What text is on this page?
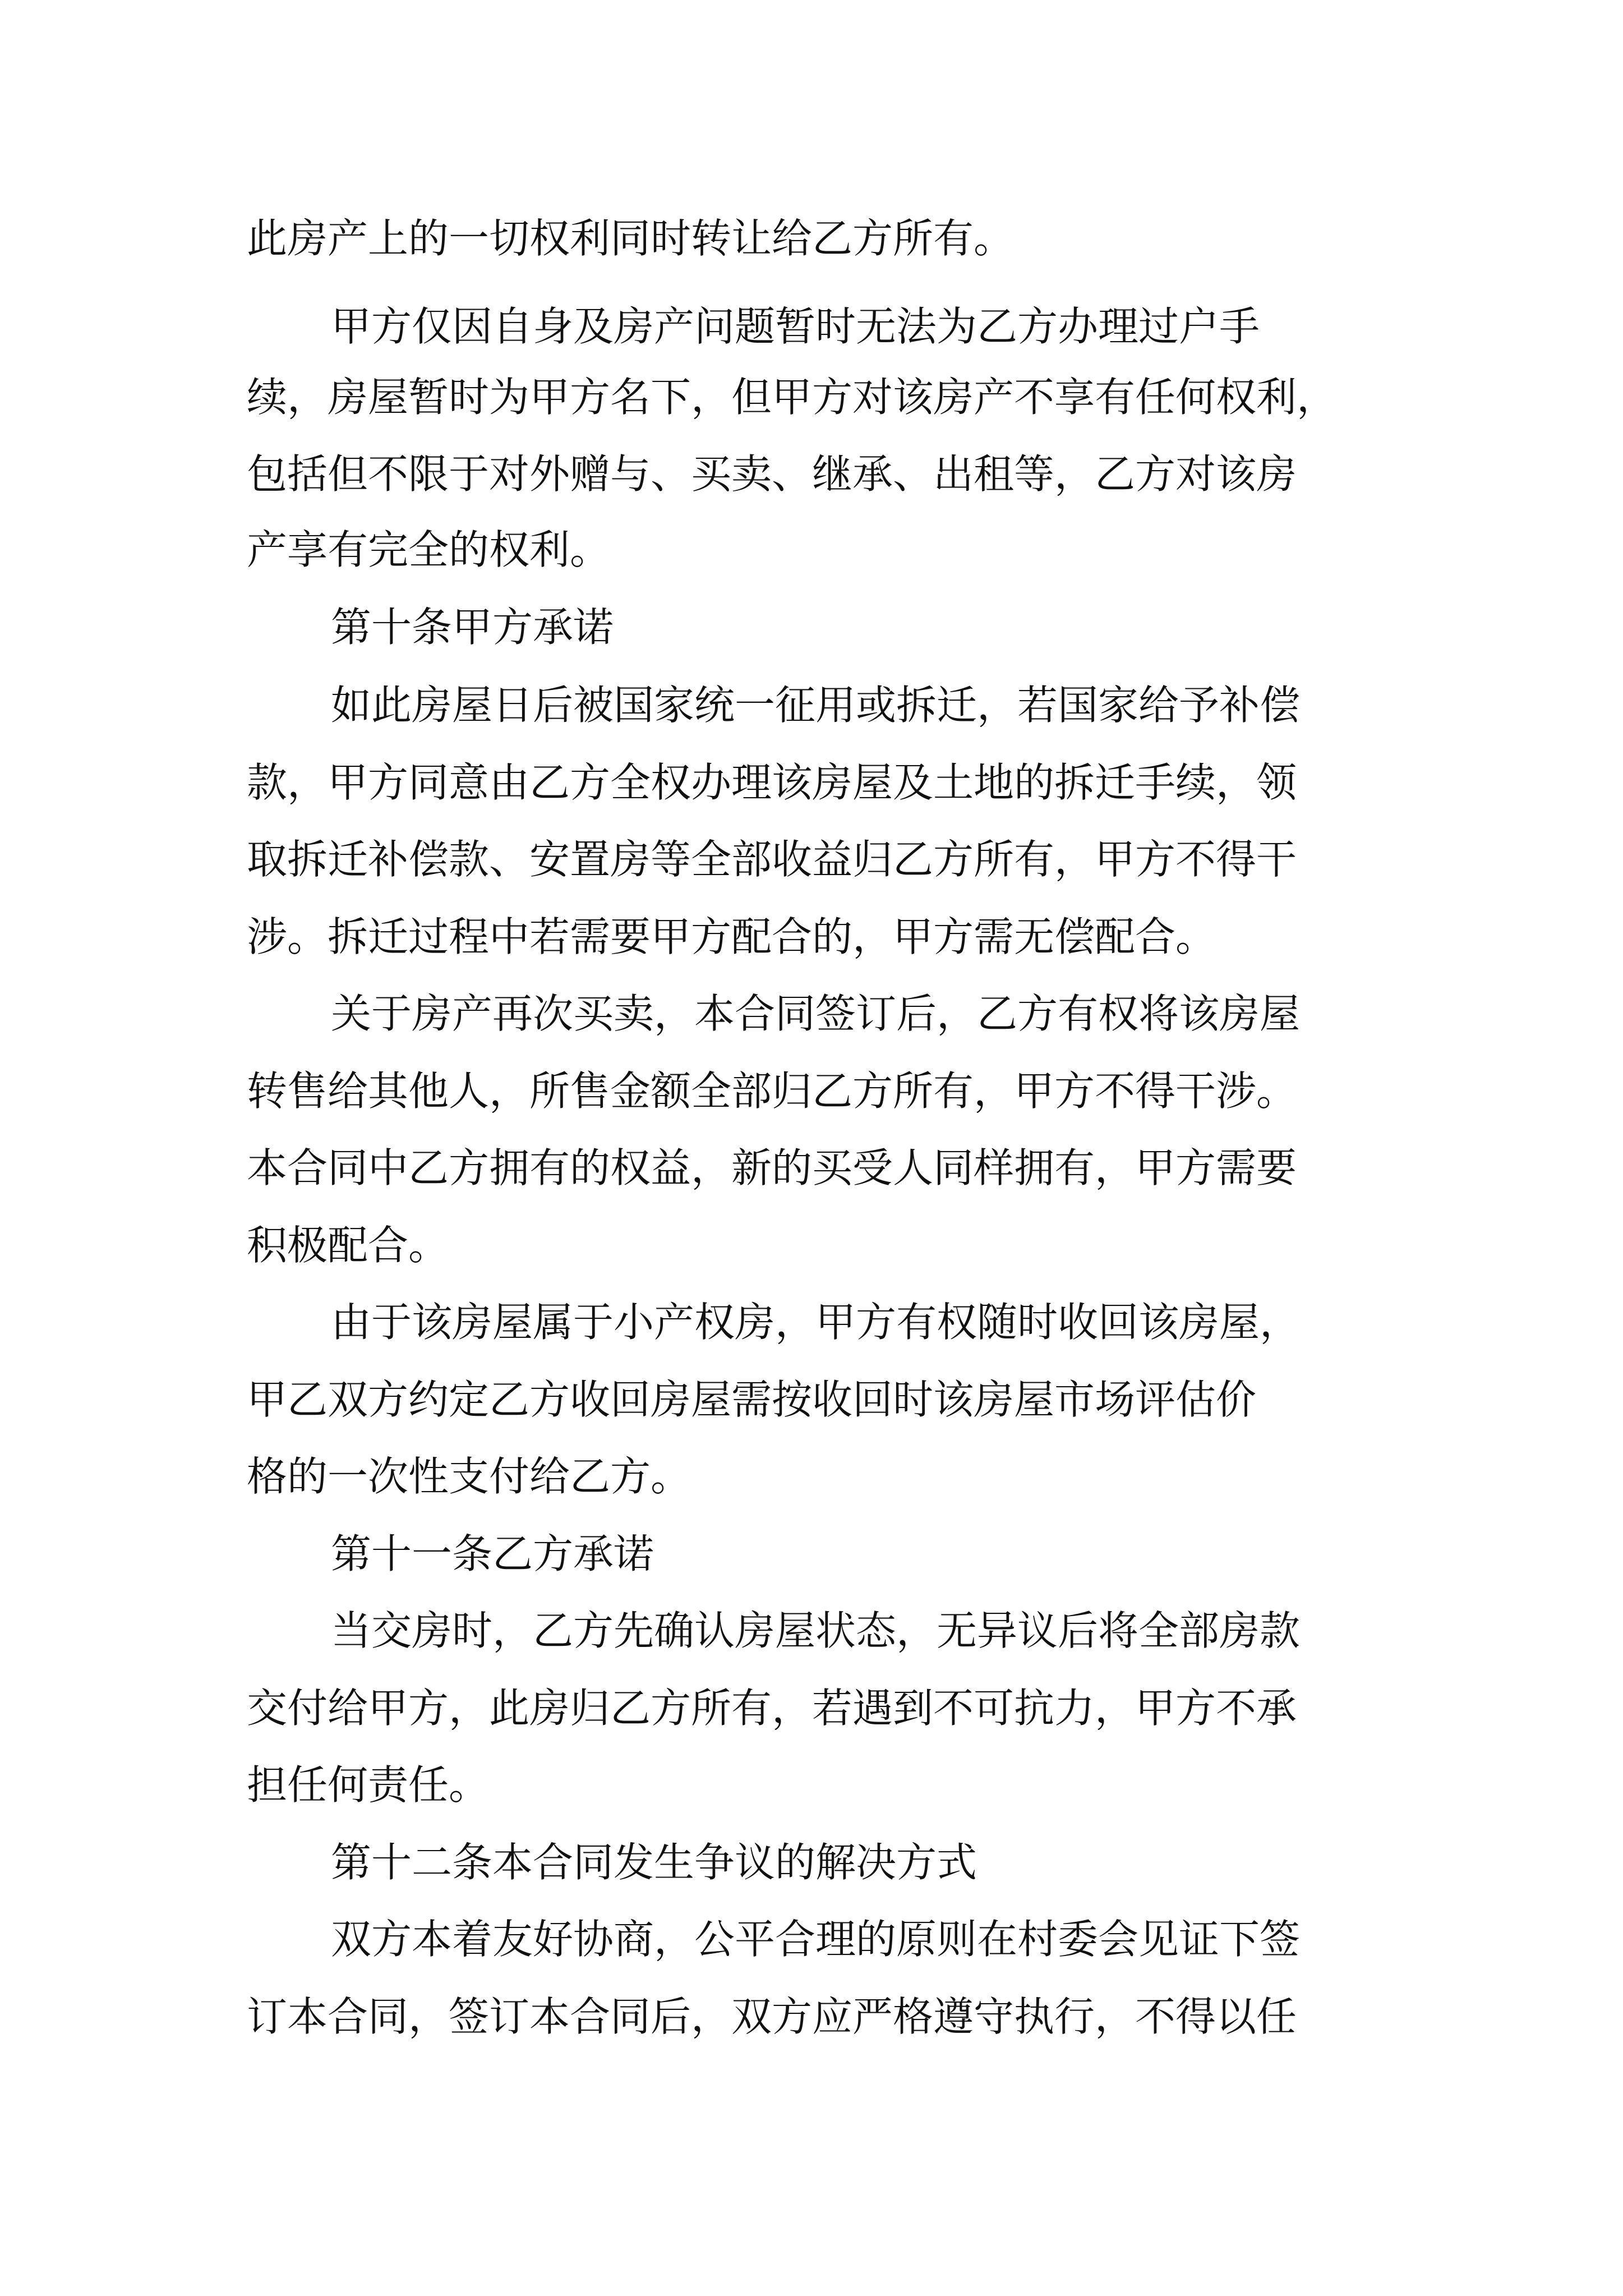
此房产上的一切权利同时转让给乙方所有。
甲方仅因自身及房产问题暂时无法为乙方办理过户手
续，房屋暂时为甲方名下，但甲方对该房产不享有任何权利，
包括但不限于对外赠与、买卖、继承、出租等，乙方对该房
产享有完全的权利。
第十条甲方承诺
如此房屋日后被国家统一征用或拆迁，若国家给予补偿
款，甲方同意由乙方全权办理该房屋及土地的拆迁手续，领
取拆迁补偿款、安置房等全部收益归乙方所有，甲方不得干
涉。拆迁过程中若需要甲方配合的，甲方需无偿配合。
关于房产再次买卖，本合同签订后，乙方有权将该房屋
转售给其他人，所售金额全部归乙方所有，甲方不得干涉。
本合同中乙方拥有的权益，新的买受人同样拥有，甲方需要
积极配合。
由于该房屋属于小产权房，甲方有权随时收回该房屋，
甲乙双方约定乙方收回房屋需按收回时该房屋市场评估价
格的一次性支付给乙方。
第十一条乙方承诺
当交房时，乙方先确认房屋状态，无异议后将全部房款
交付给甲方，此房归乙方所有，若遇到不可抗力，甲方不承
担任何责任。
第十二条本合同发生争议的解决方式
双方本着友好协商，公平合理的原则在村委会见证下签
订本合同，签订本合同后，双方应严格遵守执行，不得以任
